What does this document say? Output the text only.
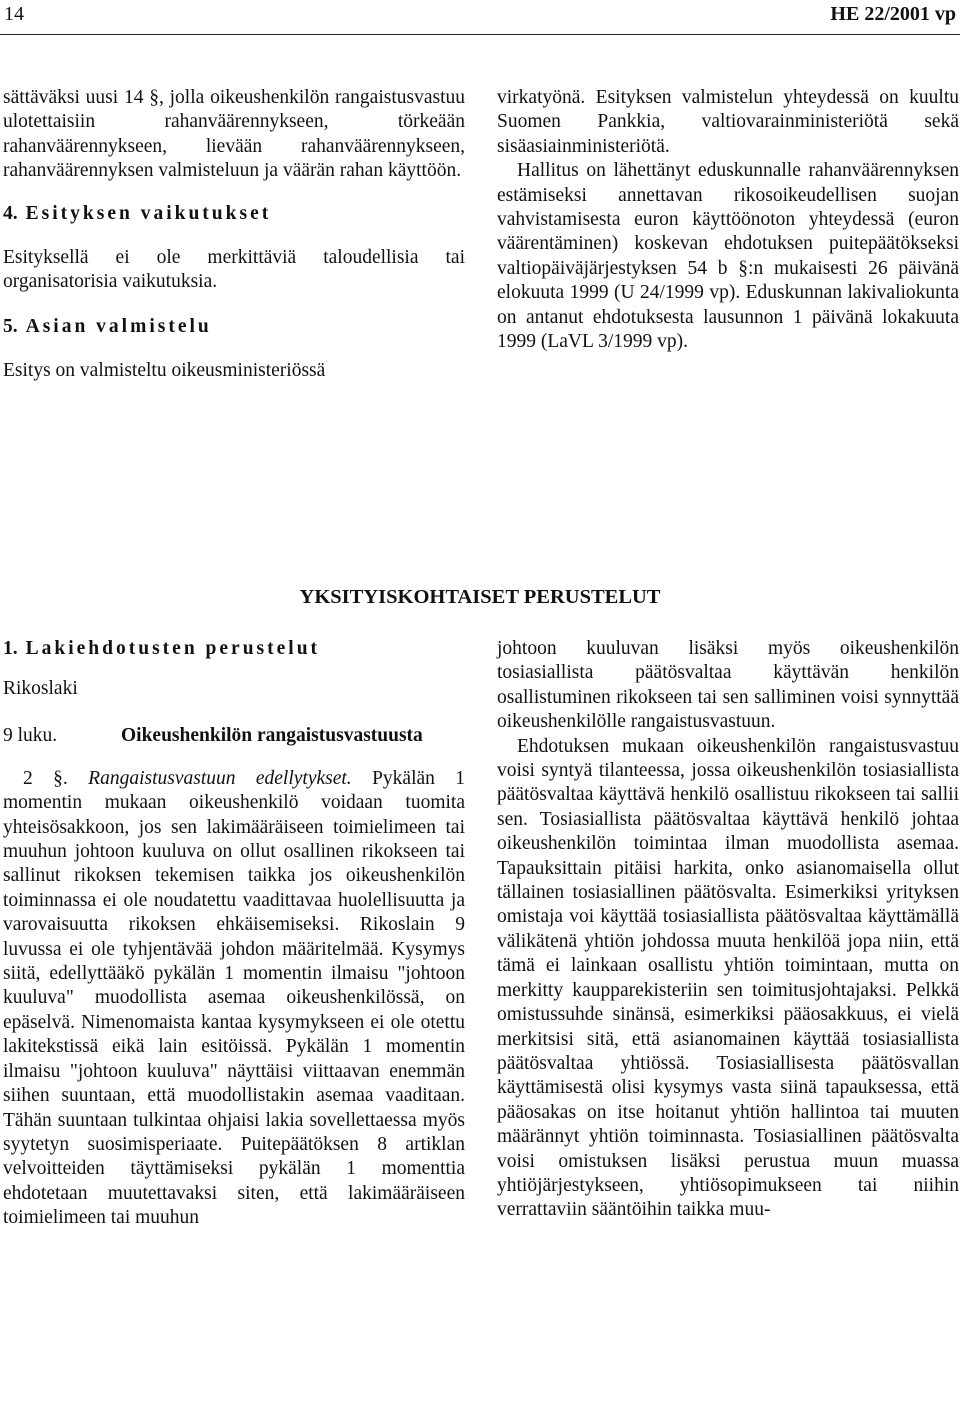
14	HE 22/2001 vp

sättäväksi uusi 14 §, jolla oikeushenkilön rangaistusvastuu ulotettaisiin rahanväärennykseen, törkeään rahanväärennykseen, lievään rahanväärennykseen, rahanväärennyksen valmisteluun ja väärän rahan käyttöön.

4. Esityksen vaikutukset

Esityksellä ei ole merkittäviä taloudellisia tai organisatorisia vaikutuksia.

5. Asian valmistelu

Esitys on valmisteltu oikeusministeriössä

virkatyönä. Esityksen valmistelun yhteydessä on kuultu Suomen Pankkia, valtiovarainministeriötä sekä sisäasiainministeriötä.

Hallitus on lähettänyt eduskunnalle rahanväärennyksen estämiseksi annettavan rikosoikeudellisen suojan vahvistamisesta euron käyttöönoton yhteydessä (euron väärentäminen) koskevan ehdotuksen puitepäätökseksi valtiopäiväjärjestyksen 54 b §:n mukaisesti 26 päivänä elokuuta 1999 (U 24/1999 vp). Eduskunnan lakivaliokunta on antanut ehdotuksesta lausunnon 1 päivänä lokakuuta 1999 (LaVL 3/1999 vp).

YKSITYISKOHTAISET PERUSTELUT

1. Lakiehdotusten perustelut

Rikoslaki

9 luku.	Oikeushenkilön rangaistusvastuusta

2 §. Rangaistusvastuun edellytykset. Pykälän 1 momentin mukaan oikeushenkilö voidaan tuomita yhteisösakkoon, jos sen lakimääräiseen toimielimeen tai muuhun johtoon kuuluva on ollut osallinen rikokseen tai sallinut rikoksen tekemisen taikka jos oikeushenkilön toiminnassa ei ole noudatettu vaadittavaa huolellisuutta ja varovaisuutta rikoksen ehkäisemiseksi. Rikoslain 9 luvussa ei ole tyhjentävää johdon määritelmää. Kysymys siitä, edellyttääkö pykälän 1 momentin ilmaisu "johtoon kuuluva" muodollista asemaa oikeushenkilössä, on epäselvä. Nimenomaista kantaa kysymykseen ei ole otettu lakitekstissä eikä lain esitöissä. Pykälän 1 momentin ilmaisu "johtoon kuuluva" näyttäisi viittaavan enemmän siihen suuntaan, että muodollistakin asemaa vaaditaan. Tähän suuntaan tulkintaa ohjaisi lakia sovellettaessa myös syytetyn suosimisperiaate. Puitepäätöksen 8 artiklan velvoitteiden täyttämiseksi pykälän 1 momenttia ehdotetaan muutettavaksi siten, että lakimääräiseen toimielimeen tai muuhun

johtoon kuuluvan lisäksi myös oikeushenkilön tosiasiallista päätösvaltaa käyttävän henkilön osallistuminen rikokseen tai sen salliminen voisi synnyttää oikeushenkilölle rangaistusvastuun.

Ehdotuksen mukaan oikeushenkilön rangaistusvastuu voisi syntyä tilanteessa, jossa oikeushenkilön tosiasiallista päätösvaltaa käyttävä henkilö osallistuu rikokseen tai sallii sen. Tosiasiallista päätösvaltaa käyttävä henkilö johtaa oikeushenkilön toimintaa ilman muodollista asemaa. Tapauksittain pitäisi harkita, onko asianomaisella ollut tällainen tosiasiallinen päätösvalta. Esimerkiksi yrityksen omistaja voi käyttää tosiasiallista päätösvaltaa käyttämällä välikätenä yhtiön johdossa muuta henkilöä jopa niin, että tämä ei lainkaan osallistu yhtiön toimintaan, mutta on merkitty kaupparekisteriin sen toimitusjohtajaksi. Pelkkä omistussuhde sinänsä, esimerkiksi pääosakkuus, ei vielä merkitsisi sitä, että asianomainen käyttää tosiasiallista päätösvaltaa yhtiössä. Tosiasiallisesta päätösvallan käyttämisestä olisi kysymys vasta siinä tapauksessa, että pääosakas on itse hoitanut yhtiön hallintoa tai muuten määrännyt yhtiön toiminnasta. Tosiasiallinen päätösvalta voisi omistuksen lisäksi perustua muun muassa yhtiöjärjestykseen, yhtiösopimukseen tai niihin verrattaviin sääntöihin taikka muu-
